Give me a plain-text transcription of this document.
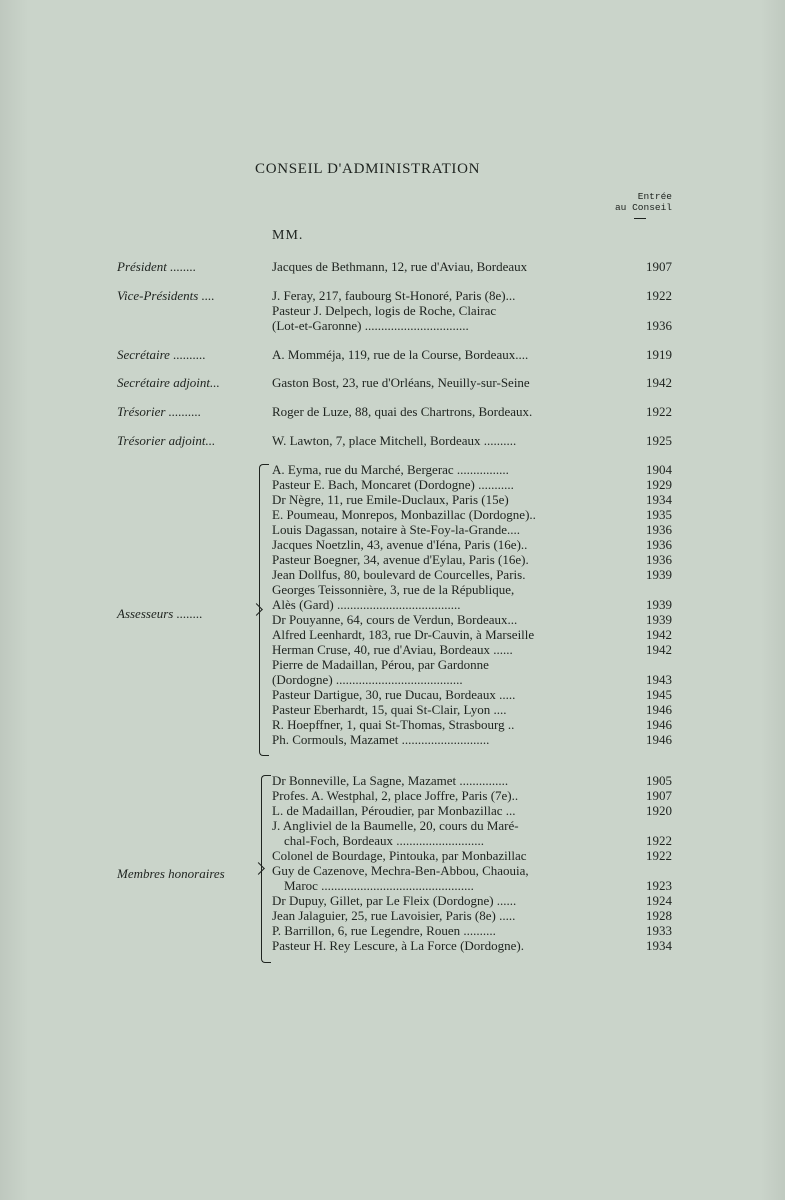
CONSEIL D'ADMINISTRATION
Entrée
au Conseil
MM.
Président ........	Jacques de Bethmann, 12, rue d'Aviau, Bordeaux	1907
Vice-Présidents ....	J. Feray, 217, faubourg St-Honoré, Paris (8e)...	1922
Pasteur J. Delpech, logis de Roche, Clairac
(Lot-et-Garonne) ................................	1936
Secrétaire ..........	A. Momméja, 119, rue de la Course, Bordeaux....	1919
Secrétaire adjoint...	Gaston Bost, 23, rue d'Orléans, Neuilly-sur-Seine	1942
Trésorier ..........	Roger de Luze, 88, quai des Chartrons, Bordeaux.	1922
Trésorier adjoint...	W. Lawton, 7, place Mitchell, Bordeaux ..........	1925
Assesseurs ........
A. Eyma, rue du Marché, Bergerac ................	1904
Pasteur E. Bach, Moncaret (Dordogne) ...........	1929
Dr Nègre, 11, rue Emile-Duclaux, Paris (15e)	1934
E. Poumeau, Monrepos, Monbazillac (Dordogne)..	1935
Louis Dagassan, notaire à Ste-Foy-la-Grande....	1936
Jacques Noetzlin, 43, avenue d'Iéna, Paris (16e)..	1936
Pasteur Boegner, 34, avenue d'Eylau, Paris (16e).	1936
Jean Dollfus, 80, boulevard de Courcelles, Paris.	1939
Georges Teissonnière, 3, rue de la République,
Alès (Gard) ......................................	1939
Dr Pouyanne, 64, cours de Verdun, Bordeaux...	1939
Alfred Leenhardt, 183, rue Dr-Cauvin, à Marseille	1942
Herman Cruse, 40, rue d'Aviau, Bordeaux ......	1942
Pierre de Madaillan, Pérou, par Gardonne
(Dordogne) .......................................	1943
Pasteur Dartigue, 30, rue Ducau, Bordeaux .....	1945
Pasteur Eberhardt, 15, quai St-Clair, Lyon ....	1946
R. Hoepffner, 1, quai St-Thomas, Strasbourg ..	1946
Ph. Cormouls, Mazamet ...........................	1946
Membres honoraires
Dr Bonneville, La Sagne, Mazamet ...............	1905
Profes. A. Westphal, 2, place Joffre, Paris (7e)..	1907
L. de Madaillan, Péroudier, par Monbazillac ...	1920
J. Angliviel de la Baumelle, 20, cours du Maré-
chal-Foch, Bordeaux ...........................	1922
Colonel de Bourdage, Pintouka, par Monbazillac	1922
Guy de Cazenove, Mechra-Ben-Abbou, Chaouia,
Maroc ...............................................	1923
Dr Dupuy, Gillet, par Le Fleix (Dordogne) ......	1924
Jean Jalaguier, 25, rue Lavoisier, Paris (8e) .....	1928
P. Barrillon, 6, rue Legendre, Rouen ..........	1933
Pasteur H. Rey Lescure, à La Force (Dordogne).	1934
